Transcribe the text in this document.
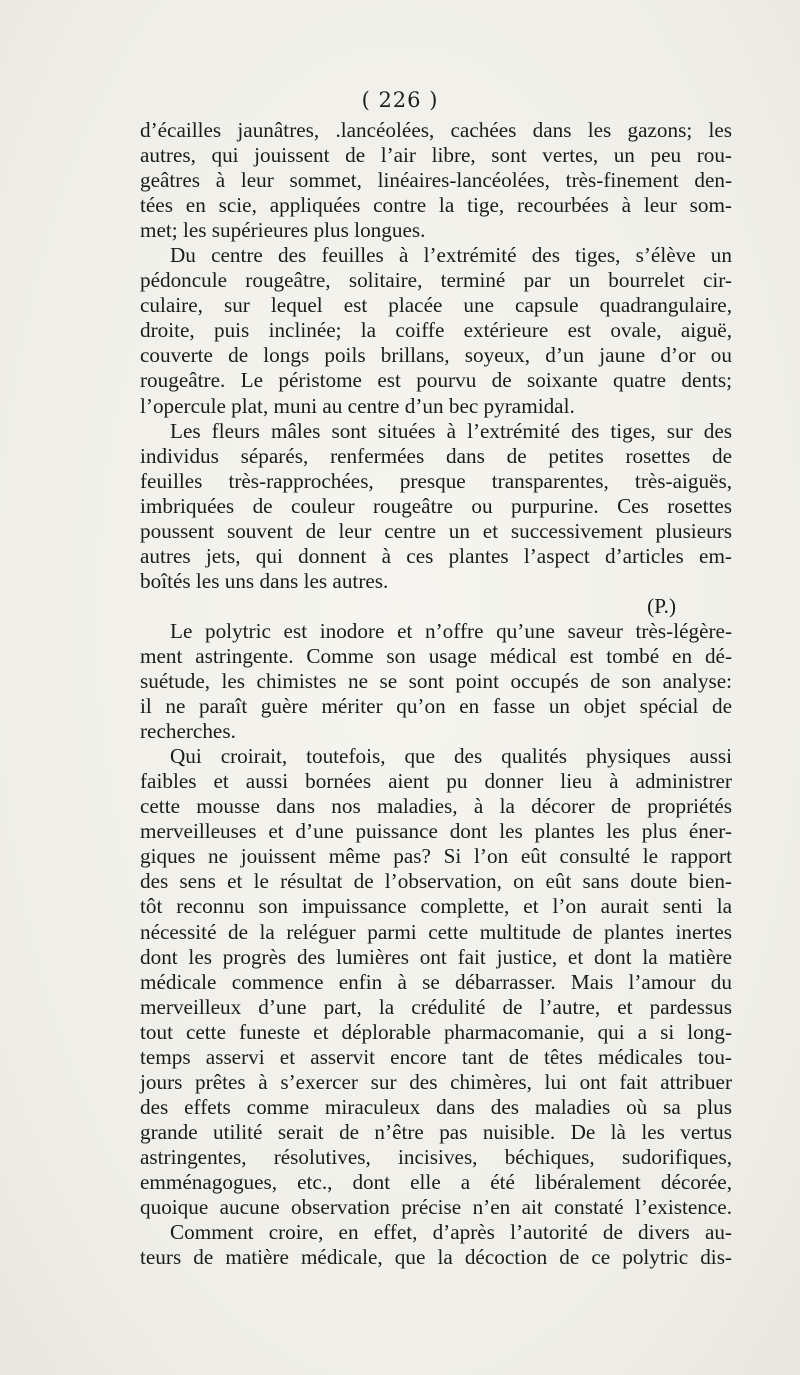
( 226 )
d’écailles jaunâtres, .lancéolées, cachées dans les gazons; les
autres, qui jouissent de l’air libre, sont vertes, un peu rou-
geâtres à leur sommet, linéaires-lancéolées, très-finement den-
tées en scie, appliquées contre la tige, recourbées à leur som-
met; les supérieures plus longues.
Du centre des feuilles à l’extrémité des tiges, s’élève un
pédoncule rougeâtre, solitaire, terminé par un bourrelet cir-
culaire, sur lequel est placée une capsule quadrangulaire,
droite, puis inclinée; la coiffe extérieure est ovale, aiguë,
couverte de longs poils brillans, soyeux, d’un jaune d’or ou
rougeâtre. Le péristome est pourvu de soixante quatre dents;
l’opercule plat, muni au centre d’un bec pyramidal.
Les fleurs mâles sont situées à l’extrémité des tiges, sur des
individus séparés, renfermées dans de petites rosettes de
feuilles très-rapprochées, presque transparentes, très-aiguës,
imbriquées de couleur rougeâtre ou purpurine. Ces rosettes
poussent souvent de leur centre un et successivement plusieurs
autres jets, qui donnent à ces plantes l’aspect d’articles em-
boîtés les uns dans les autres.
(P.)
Le polytric est inodore et n’offre qu’une saveur très-légère-
ment astringente. Comme son usage médical est tombé en dé-
suétude, les chimistes ne se sont point occupés de son analyse:
il ne paraît guère mériter qu’on en fasse un objet spécial de
recherches.
Qui croirait, toutefois, que des qualités physiques aussi
faibles et aussi bornées aient pu donner lieu à administrer
cette mousse dans nos maladies, à la décorer de propriétés
merveilleuses et d’une puissance dont les plantes les plus éner-
giques ne jouissent même pas? Si l’on eût consulté le rapport
des sens et le résultat de l’observation, on eût sans doute bien-
tôt reconnu son impuissance complette, et l’on aurait senti la
nécessité de la reléguer parmi cette multitude de plantes inertes
dont les progrès des lumières ont fait justice, et dont la matière
médicale commence enfin à se débarrasser. Mais l’amour du
merveilleux d’une part, la crédulité de l’autre, et pardessus
tout cette funeste et déplorable pharmacomanie, qui a si long-
temps asservi et asservit encore tant de têtes médicales tou-
jours prêtes à s’exercer sur des chimères, lui ont fait attribuer
des effets comme miraculeux dans des maladies où sa plus
grande utilité serait de n’être pas nuisible. De là les vertus
astringentes, résolutives, incisives, béchiques, sudorifiques,
emménagogues, etc., dont elle a été libéralement décorée,
quoique aucune observation précise n’en ait constaté l’existence.
Comment croire, en effet, d’après l’autorité de divers au-
teurs de matière médicale, que la décoction de ce polytric dis-
